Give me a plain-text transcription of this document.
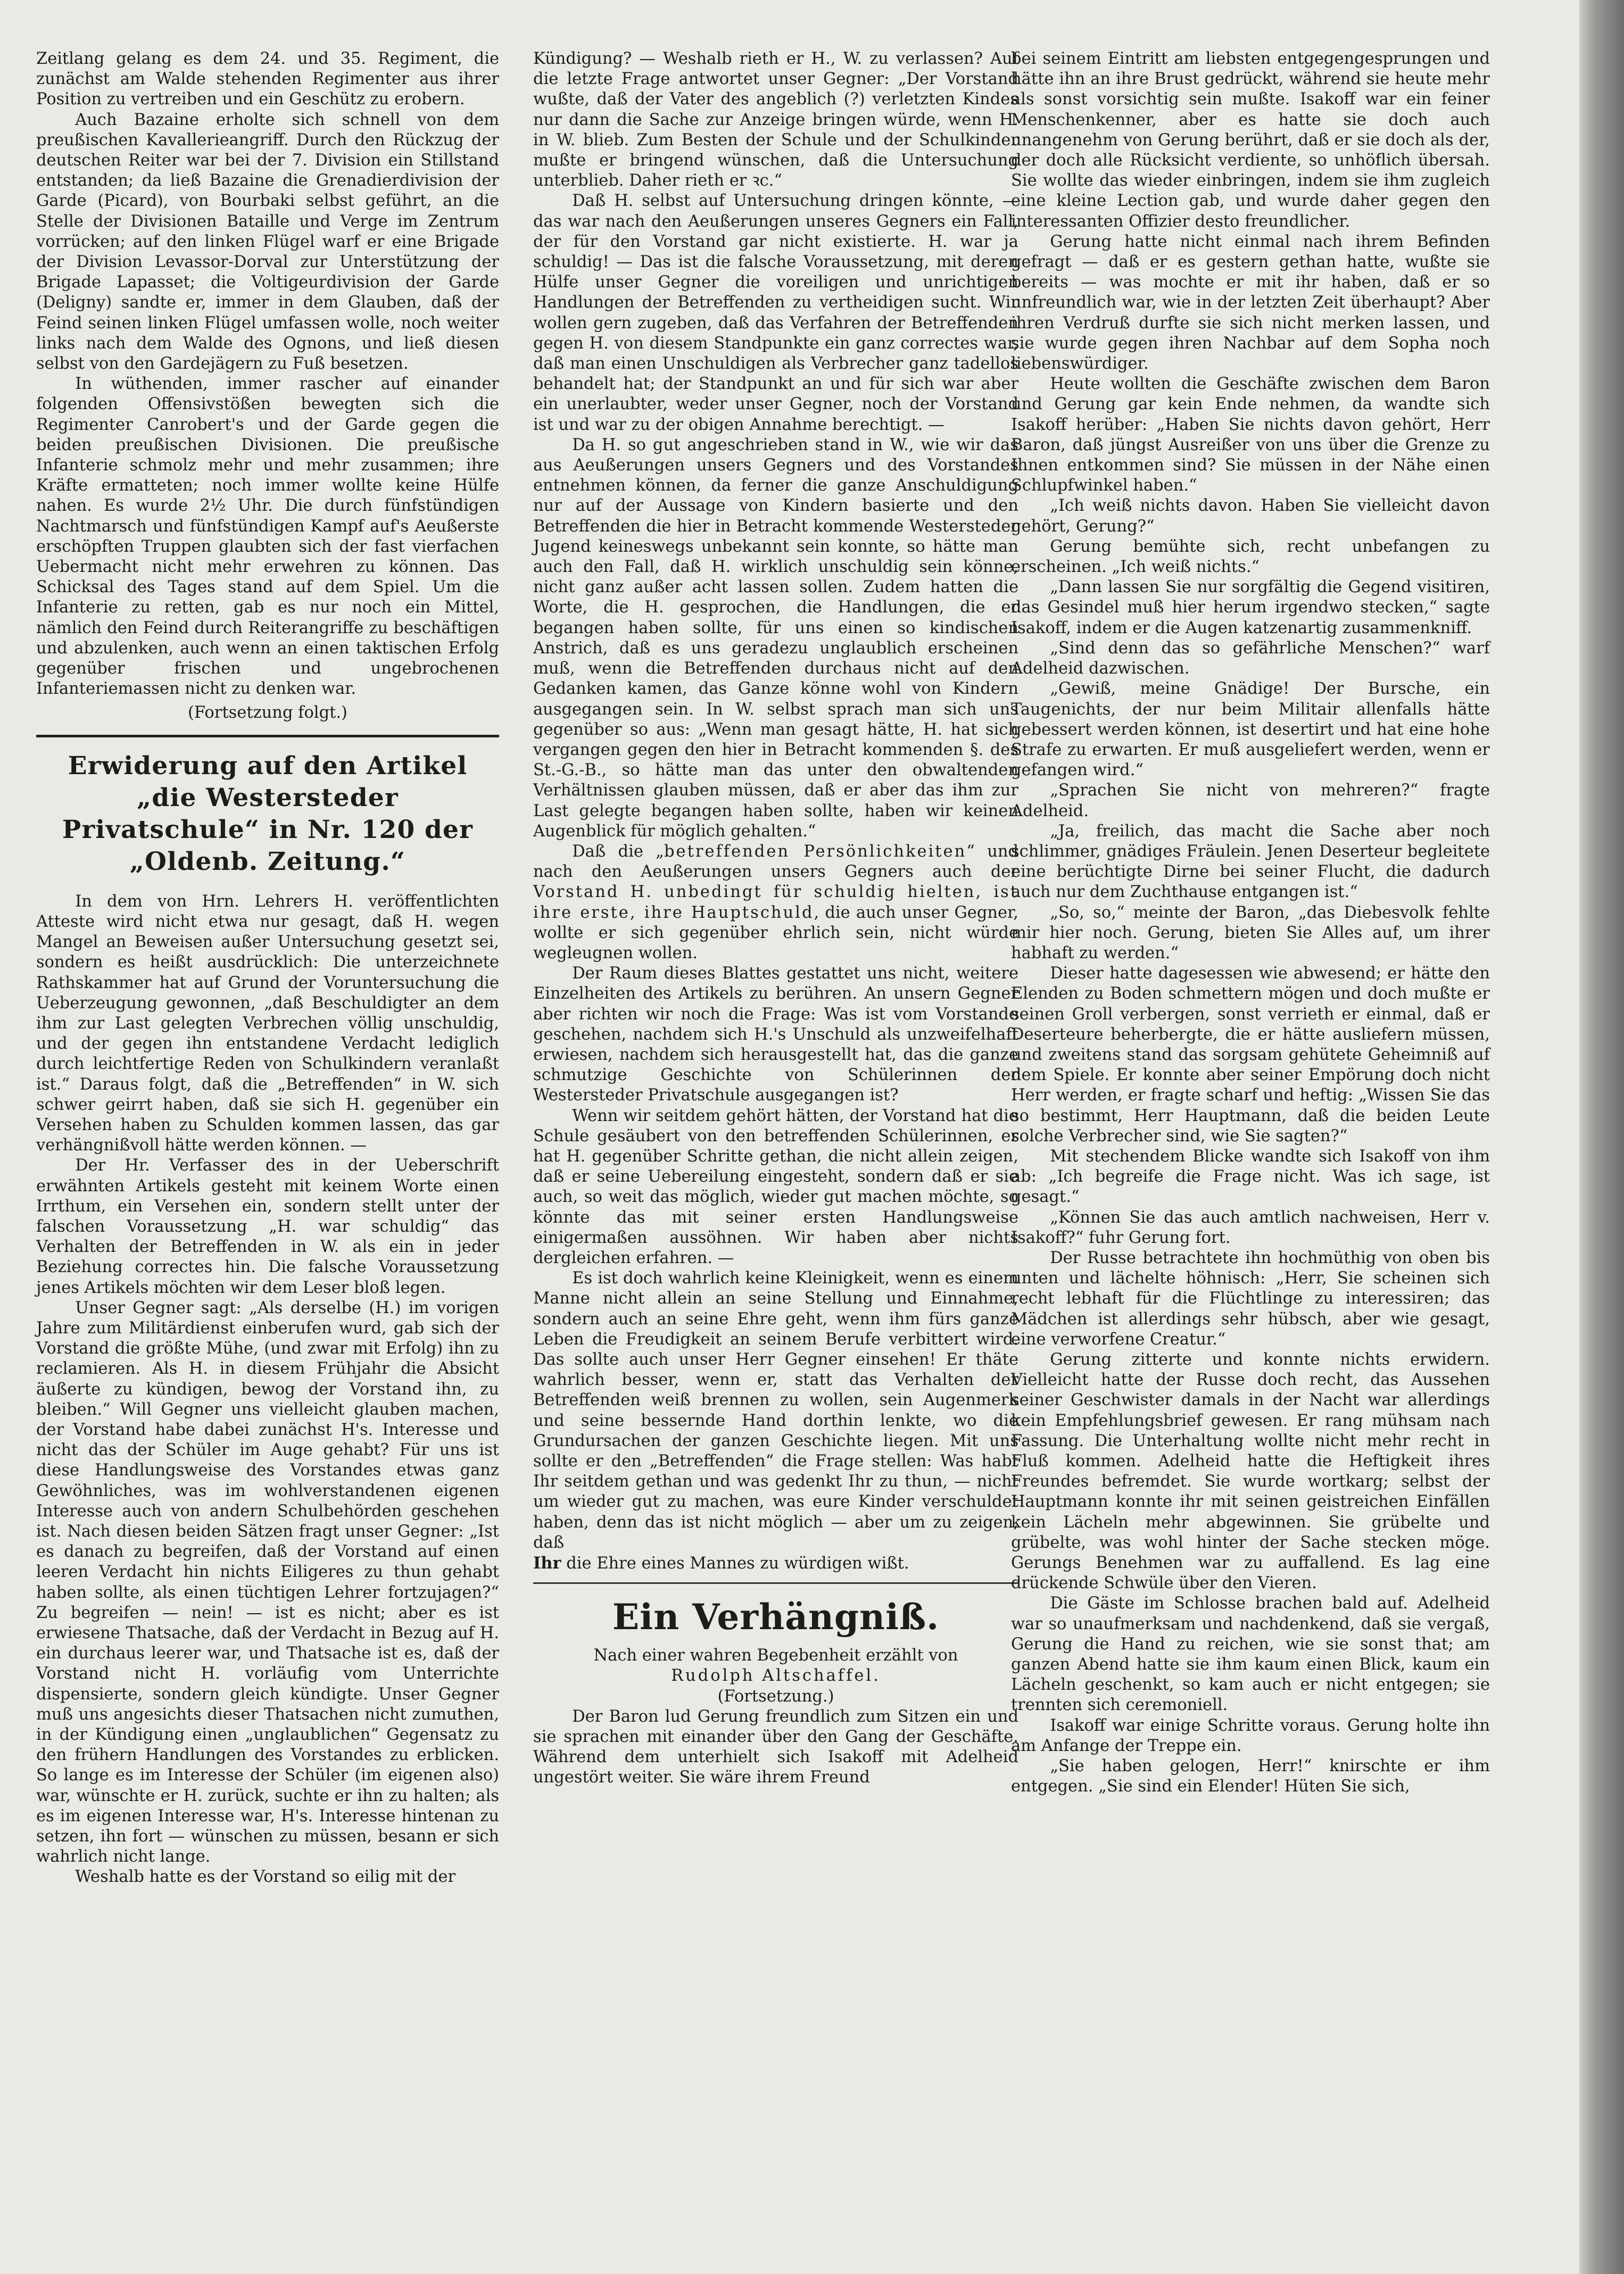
Zeitlang gelang es dem 24. und 35. Regiment, die zunächst am Walde stehenden Regimenter aus ihrer Position zu vertreiben und ein Geschütz zu erobern.

Auch Bazaine erholte sich schnell von dem preußischen Kavallerieangriff. Durch den Rückzug der deutschen Reiter war bei der 7. Division ein Stillstand entstanden; da ließ Bazaine die Grenadierdivision der Garde (Picard), von Bourbaki selbst geführt, an die Stelle der Divisionen Bataille und Verge im Zentrum vorrücken; auf den linken Flügel warf er eine Brigade der Division Levassor-Dorval zur Unterstützung der Brigade Lapasset; die Voltigeurdivision der Garde (Deligny) sandte er, immer in dem Glauben, daß der Feind seinen linken Flügel umfassen wolle, noch weiter links nach dem Walde des Ognons, und ließ diesen selbst von den Gardejägern zu Fuß besetzen.

In wüthenden, immer rascher auf einander folgenden Offensivstößen bewegten sich die Regimenter Canrobert's und der Garde gegen die beiden preußischen Divisionen. Die preußische Infanterie schmolz mehr und mehr zusammen; ihre Kräfte ermatteten; noch immer wollte keine Hülfe nahen. Es wurde 2½ Uhr. Die durch fünfstündigen Nachtmarsch und fünfstündigen Kampf auf's Aeußerste erschöpften Truppen glaubten sich der fast vierfachen Uebermacht nicht mehr erwehren zu können. Das Schicksal des Tages stand auf dem Spiel. Um die Infanterie zu retten, gab es nur noch ein Mittel, nämlich den Feind durch Reiterangriffe zu beschäftigen und abzulenken, auch wenn an einen taktischen Erfolg gegenüber frischen und ungebrochenen Infanteriemassen nicht zu denken war.

(Fortsetzung folgt.)

Erwiderung auf den Artikel „die Westersteder Privatschule“ in Nr. 120 der „Oldenb. Zeitung.“

In dem von Hrn. Lehrers H. veröffentlichten Atteste wird nicht etwa nur gesagt, daß H. wegen Mangel an Beweisen außer Untersuchung gesetzt sei, sondern es heißt ausdrücklich: Die unterzeichnete Rathskammer hat auf Grund der Voruntersuchung die Ueberzeugung gewonnen, „daß Beschuldigter an dem ihm zur Last gelegten Verbrechen völlig unschuldig, und der gegen ihn entstandene Verdacht lediglich durch leichtfertige Reden von Schulkindern veranlaßt ist.“ Daraus folgt, daß die „Betreffenden“ in W. sich schwer geirrt haben, daß sie sich H. gegenüber ein Versehen haben zu Schulden kommen lassen, das gar verhängnißvoll hätte werden können. —

Der Hr. Verfasser des in der Ueberschrift erwähnten Artikels gesteht mit keinem Worte einen Irrthum, ein Versehen ein, sondern stellt unter der falschen Voraussetzung „H. war schuldig“ das Verhalten der Betreffenden in W. als ein in jeder Beziehung correctes hin. Die falsche Voraussetzung jenes Artikels möchten wir dem Leser bloß legen.

Unser Gegner sagt: „Als derselbe (H.) im vorigen Jahre zum Militärdienst einberufen wurd, gab sich der Vorstand die größte Mühe, (und zwar mit Erfolg) ihn zu reclamieren. Als H. in diesem Frühjahr die Absicht äußerte zu kündigen, bewog der Vorstand ihn, zu bleiben.“ Will Gegner uns vielleicht glauben machen, der Vorstand habe dabei zunächst H's. Interesse und nicht das der Schüler im Auge gehabt? Für uns ist diese Handlungsweise des Vorstandes etwas ganz Gewöhnliches, was im wohlverstandenen eigenen Interesse auch von andern Schulbehörden geschehen ist. Nach diesen beiden Sätzen fragt unser Gegner: „Ist es danach zu begreifen, daß der Vorstand auf einen leeren Verdacht hin nichts Eiligeres zu thun gehabt haben sollte, als einen tüchtigen Lehrer fortzujagen?“ Zu begreifen — nein! — ist es nicht; aber es ist erwiesene Thatsache, daß der Verdacht in Bezug auf H. ein durchaus leerer war, und Thatsache ist es, daß der Vorstand nicht H. vorläufig vom Unterrichte dispensierte, sondern gleich kündigte. Unser Gegner muß uns angesichts dieser Thatsachen nicht zumuthen, in der Kündigung einen „unglaublichen“ Gegensatz zu den frühern Handlungen des Vorstandes zu erblicken. So lange es im Interesse der Schüler (im eigenen also) war, wünschte er H. zurück, suchte er ihn zu halten; als es im eigenen Interesse war, H's. Interesse hintenan zu setzen, ihn fort — wünschen zu müssen, besann er sich wahrlich nicht lange.

Weshalb hatte es der Vorstand so eilig mit der

Kündigung? — Weshalb rieth er H., W. zu verlassen? Auf die letzte Frage antwortet unser Gegner: „Der Vorstand wußte, daß der Vater des angeblich (?) verletzten Kindes nur dann die Sache zur Anzeige bringen würde, wenn H. in W. blieb. Zum Besten der Schule und der Schulkinder mußte er bringend wünschen, daß die Untersuchung unterblieb. Daher rieth er ꝛc.“

Daß H. selbst auf Untersuchung dringen könnte, — das war nach den Aeußerungen unseres Gegners ein Fall, der für den Vorstand gar nicht existierte. H. war ja schuldig! — Das ist die falsche Voraussetzung, mit deren Hülfe unser Gegner die voreiligen und unrichtigen Handlungen der Betreffenden zu vertheidigen sucht. Wir wollen gern zugeben, daß das Verfahren der Betreffenden gegen H. von diesem Standpunkte ein ganz correctes war, daß man einen Unschuldigen als Verbrecher ganz tadellos behandelt hat; der Standpunkt an und für sich war aber ein unerlaubter, weder unser Gegner, noch der Vorstand ist und war zu der obigen Annahme berechtigt. —

Da H. so gut angeschrieben stand in W., wie wir das aus Aeußerungen unsers Gegners und des Vorstandes entnehmen können, da ferner die ganze Anschuldigung nur auf der Aussage von Kindern basierte und den Betreffenden die hier in Betracht kommende Westersteder Jugend keineswegs unbekannt sein konnte, so hätte man auch den Fall, daß H. wirklich unschuldig sein könne, nicht ganz außer acht lassen sollen. Zudem hatten die Worte, die H. gesprochen, die Handlungen, die er begangen haben sollte, für uns einen so kindischen Anstrich, daß es uns geradezu unglaublich erscheinen muß, wenn die Betreffenden durchaus nicht auf den Gedanken kamen, das Ganze könne wohl von Kindern ausgegangen sein. In W. selbst sprach man sich uns gegenüber so aus: „Wenn man gesagt hätte, H. hat sich vergangen gegen den hier in Betracht kommenden §. des St.-G.-B., so hätte man das unter den obwaltenden Verhältnissen glauben müssen, daß er aber das ihm zur Last gelegte begangen haben sollte, haben wir keinen Augenblick für möglich gehalten.“

Daß die „betreffenden Persönlichkeiten“ und nach den Aeußerungen unsers Gegners auch der Vorstand H. unbedingt für schuldig hielten, ist ihre erste, ihre Hauptschuld, die auch unser Gegner, wollte er sich gegenüber ehrlich sein, nicht würde wegleugnen wollen.

Der Raum dieses Blattes gestattet uns nicht, weitere Einzelheiten des Artikels zu berühren. An unsern Gegner aber richten wir noch die Frage: Was ist vom Vorstande geschehen, nachdem sich H.'s Unschuld als unzweifelhaft erwiesen, nachdem sich herausgestellt hat, das die ganze schmutzige Geschichte von Schülerinnen der Westersteder Privatschule ausgegangen ist?

Wenn wir seitdem gehört hätten, der Vorstand hat die Schule gesäubert von den betreffenden Schülerinnen, er hat H. gegenüber Schritte gethan, die nicht allein zeigen, daß er seine Uebereilung eingesteht, sondern daß er sie auch, so weit das möglich, wieder gut machen möchte, so könnte das mit seiner ersten Handlungsweise einigermaßen aussöhnen. Wir haben aber nichts dergleichen erfahren. —

Es ist doch wahrlich keine Kleinigkeit, wenn es einem Manne nicht allein an seine Stellung und Einnahme, sondern auch an seine Ehre geht, wenn ihm fürs ganze Leben die Freudigkeit an seinem Berufe verbittert wird. Das sollte auch unser Herr Gegner einsehen! Er thäte wahrlich besser, wenn er, statt das Verhalten der Betreffenden weiß brennen zu wollen, sein Augenmerk und seine bessernde Hand dorthin lenkte, wo die Grundursachen der ganzen Geschichte liegen. Mit uns sollte er den „Betreffenden“ die Frage stellen: Was habt Ihr seitdem gethan und was gedenkt Ihr zu thun, — nicht um wieder gut zu machen, was eure Kinder verschuldet haben, denn das ist nicht möglich — aber um zu zeigen, daß

Ihr die Ehre eines Mannes zu würdigen wißt.

Ein Verhängniß.

Nach einer wahren Begebenheit erzählt von

Rudolph Altschaffel.

(Fortsetzung.)

Der Baron lud Gerung freundlich zum Sitzen ein und sie sprachen mit einander über den Gang der Geschäfte. Während dem unterhielt sich Isakoff mit Adelheid ungestört weiter. Sie wäre ihrem Freund

bei seinem Eintritt am liebsten entgegengesprungen und hätte ihn an ihre Brust gedrückt, während sie heute mehr als sonst vorsichtig sein mußte. Isakoff war ein feiner Menschenkenner, aber es hatte sie doch auch unangenehm von Gerung berührt, daß er sie doch als der, der doch alle Rücksicht verdiente, so unhöflich übersah. Sie wollte das wieder einbringen, indem sie ihm zugleich eine kleine Lection gab, und wurde daher gegen den interessanten Offizier desto freundlicher.

Gerung hatte nicht einmal nach ihrem Befinden gefragt — daß er es gestern gethan hatte, wußte sie bereits — was mochte er mit ihr haben, daß er so unfreundlich war, wie in der letzten Zeit überhaupt? Aber ihren Verdruß durfte sie sich nicht merken lassen, und sie wurde gegen ihren Nachbar auf dem Sopha noch liebenswürdiger.

Heute wollten die Geschäfte zwischen dem Baron und Gerung gar kein Ende nehmen, da wandte sich Isakoff herüber: „Haben Sie nichts davon gehört, Herr Baron, daß jüngst Ausreißer von uns über die Grenze zu Ihnen entkommen sind? Sie müssen in der Nähe einen Schlupfwinkel haben.“

„Ich weiß nichts davon. Haben Sie vielleicht davon gehört, Gerung?“

Gerung bemühte sich, recht unbefangen zu erscheinen. „Ich weiß nichts.“

„Dann lassen Sie nur sorgfältig die Gegend visitiren, das Gesindel muß hier herum irgendwo stecken,“ sagte Isakoff, indem er die Augen katzenartig zusammenkniff.

„Sind denn das so gefährliche Menschen?“ warf Adelheid dazwischen.

„Gewiß, meine Gnädige! Der Bursche, ein Taugenichts, der nur beim Militair allenfalls hätte gebessert werden können, ist desertirt und hat eine hohe Strafe zu erwarten. Er muß ausgeliefert werden, wenn er gefangen wird.“

„Sprachen Sie nicht von mehreren?“ fragte Adelheid.

„Ja, freilich, das macht die Sache aber noch schlimmer, gnädiges Fräulein. Jenen Deserteur begleitete eine berüchtigte Dirne bei seiner Flucht, die dadurch auch nur dem Zuchthause entgangen ist.“

„So, so,“ meinte der Baron, „das Diebesvolk fehlte mir hier noch. Gerung, bieten Sie Alles auf, um ihrer habhaft zu werden.“

Dieser hatte dagesessen wie abwesend; er hätte den Elenden zu Boden schmettern mögen und doch mußte er seinen Groll verbergen, sonst verrieth er einmal, daß er Deserteure beherbergte, die er hätte ausliefern müssen, und zweitens stand das sorgsam gehütete Geheimniß auf dem Spiele. Er konnte aber seiner Empörung doch nicht Herr werden, er fragte scharf und heftig: „Wissen Sie das so bestimmt, Herr Hauptmann, daß die beiden Leute solche Verbrecher sind, wie Sie sagten?“

Mit stechendem Blicke wandte sich Isakoff von ihm ab: „Ich begreife die Frage nicht. Was ich sage, ist gesagt.“

„Können Sie das auch amtlich nachweisen, Herr v. Isakoff?“ fuhr Gerung fort.

Der Russe betrachtete ihn hochmüthig von oben bis unten und lächelte höhnisch: „Herr, Sie scheinen sich recht lebhaft für die Flüchtlinge zu interessiren; das Mädchen ist allerdings sehr hübsch, aber wie gesagt, eine verworfene Creatur.“

Gerung zitterte und konnte nichts erwidern. Vielleicht hatte der Russe doch recht, das Aussehen seiner Geschwister damals in der Nacht war allerdings kein Empfehlungsbrief gewesen. Er rang mühsam nach Fassung. Die Unterhaltung wollte nicht mehr recht in Fluß kommen. Adelheid hatte die Heftigkeit ihres Freundes befremdet. Sie wurde wortkarg; selbst der Hauptmann konnte ihr mit seinen geistreichen Einfällen kein Lächeln mehr abgewinnen. Sie grübelte und grübelte, was wohl hinter der Sache stecken möge. Gerungs Benehmen war zu auffallend. Es lag eine drückende Schwüle über den Vieren.

Die Gäste im Schlosse brachen bald auf. Adelheid war so unaufmerksam und nachdenkend, daß sie vergaß, Gerung die Hand zu reichen, wie sie sonst that; am ganzen Abend hatte sie ihm kaum einen Blick, kaum ein Lächeln geschenkt, so kam auch er nicht entgegen; sie trennten sich ceremoniell.

Isakoff war einige Schritte voraus. Gerung holte ihn am Anfange der Treppe ein.

„Sie haben gelogen, Herr!“ knirschte er ihm entgegen. „Sie sind ein Elender! Hüten Sie sich,
